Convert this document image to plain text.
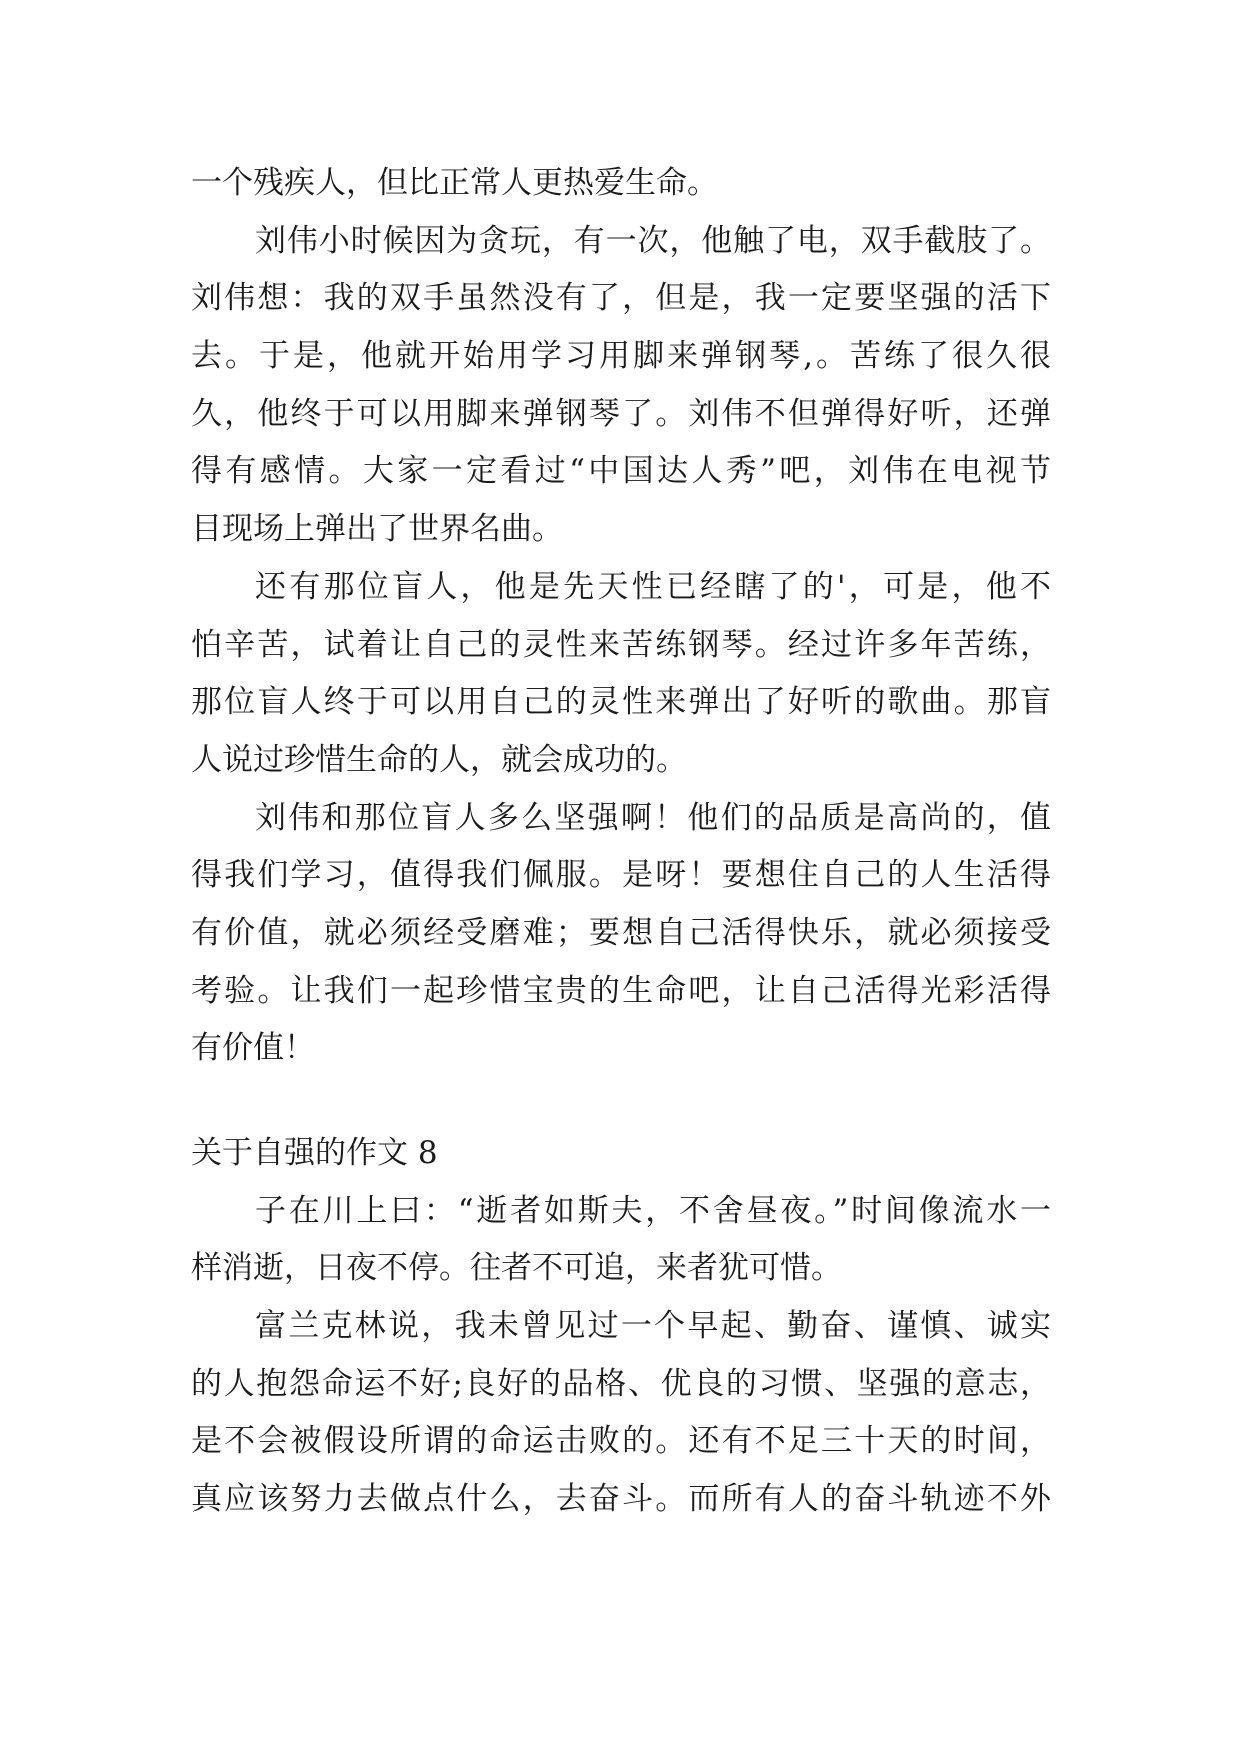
一个残疾人，但比正常人更热爱生命。
刘伟小时候因为贪玩，有一次，他触了电，双手截肢了。
刘伟想：我的双手虽然没有了，但是，我一定要坚强的活下
去。于是，他就开始用学习用脚来弹钢琴,。苦练了很久很
久，他终于可以用脚来弹钢琴了。刘伟不但弹得好听，还弹
得有感情。大家一定看过“中国达人秀”吧，刘伟在电视节
目现场上弹出了世界名曲。
还有那位盲人，他是先天性已经瞎了的'，可是，他不
怕辛苦，试着让自己的灵性来苦练钢琴。经过许多年苦练，
那位盲人终于可以用自己的灵性来弹出了好听的歌曲。那盲
人说过珍惜生命的人，就会成功的。
刘伟和那位盲人多么坚强啊！他们的品质是高尚的，值
得我们学习，值得我们佩服。是呀！要想住自己的人生活得
有价值，就必须经受磨难；要想自己活得快乐，就必须接受
考验。让我们一起珍惜宝贵的生命吧，让自己活得光彩活得
有价值！
关于自强的作文 8
子在川上曰：“逝者如斯夫，不舍昼夜。”时间像流水一
样消逝，日夜不停。往者不可追，来者犹可惜。
富兰克林说，我未曾见过一个早起、勤奋、谨慎、诚实
的人抱怨命运不好;良好的品格、优良的习惯、坚强的意志，
是不会被假设所谓的命运击败的。还有不足三十天的时间，
真应该努力去做点什么，去奋斗。而所有人的奋斗轨迹不外
